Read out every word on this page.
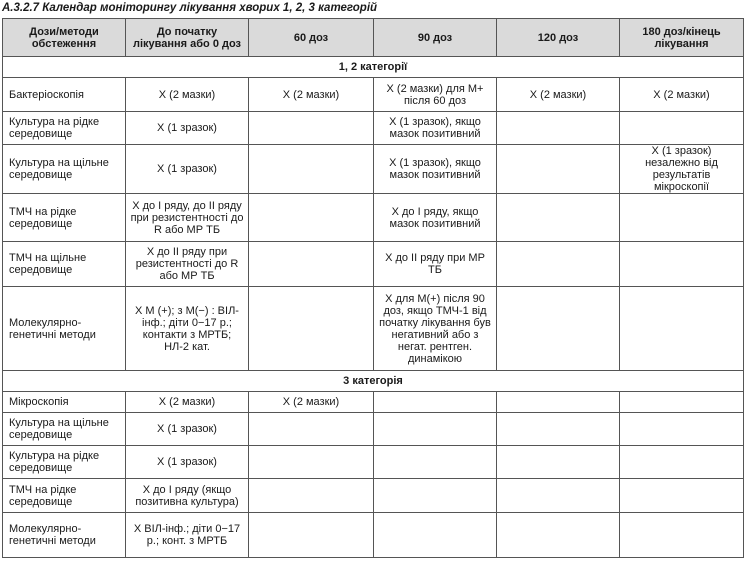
А.3.2.7 Календар моніторингу лікування хворих 1, 2, 3 категорій
Дози/методи обстеження	До початку лікування або 0 доз	60 доз	90 доз	120 доз	180 доз/кінець лікування
1, 2 категорії					
Бактеріоскопія	Х (2 мазки)	Х (2 мазки)	Х (2 мазки) для М+ після 60 доз	Х (2 мазки)	Х (2 мазки)
Культура на рідке середовище	Х (1 зразок)		Х (1 зразок), якщо мазок позитивний		
Культура на щільне середовище	Х (1 зразок)		Х (1 зразок), якщо мазок позитивний		Х (1 зразок) незалежно від результатів мікроскопії
ТМЧ на рідке середовище	Х до І ряду, до ІІ ряду при резистентності до R або МР ТБ		Х до І ряду, якщо мазок позитивний		
ТМЧ на щільне середовище	Х до ІІ ряду при резистентності до R або МР ТБ		Х до ІІ ряду при МР ТБ		
Молекулярно-генетичні методи	Х М (+); з М(−) : ВІЛ-інф.; діти 0−17 р.; контакти з МРТБ; НЛ-2 кат.		Х для М(+) після 90 доз, якщо ТМЧ-1 від початку лікування був негативний або з негат. рентген. динамікою		
3 категорія					
Мікроскопія	Х (2 мазки)	Х (2 мазки)			
Культура на щільне середовище	Х (1 зразок)				
Культура на рідке середовище	Х (1 зразок)				
ТМЧ на рідке середовище	Х до І ряду (якщо позитивна культура)				
Молекулярно-генетичні методи	Х ВІЛ-інф.; діти 0−17 р.; конт. з МРТБ				
